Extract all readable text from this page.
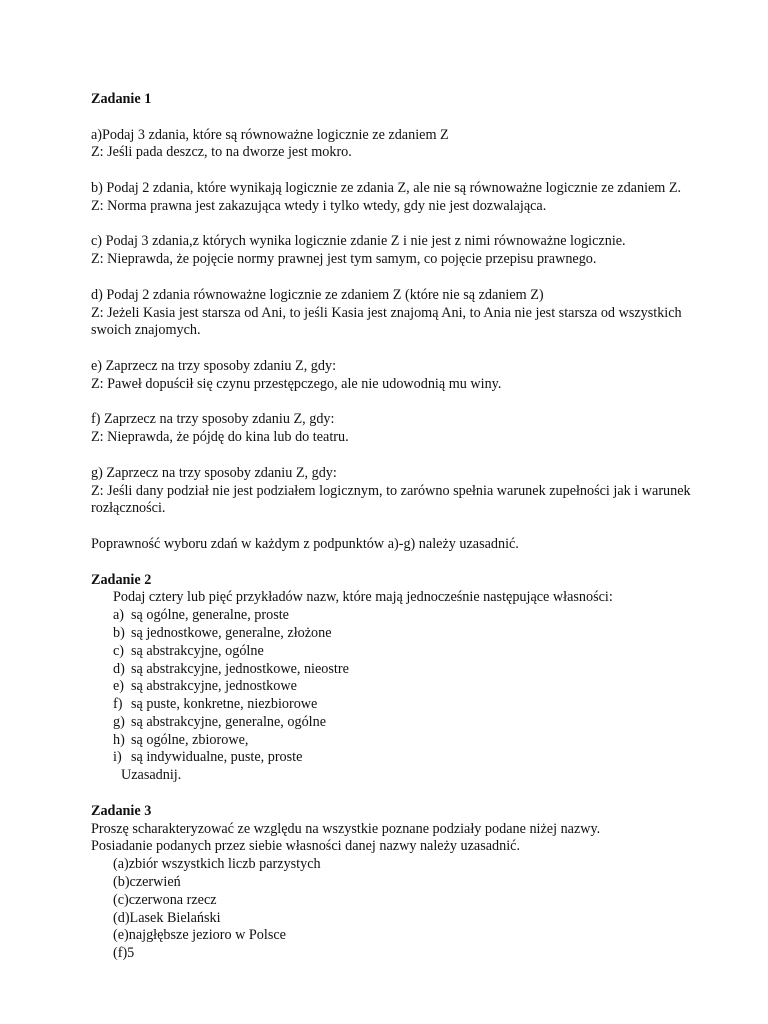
Zadanie 1

a)Podaj 3 zdania, które są równoważne logicznie ze zdaniem Z

Z: Jeśli pada deszcz, to na dworze jest mokro.

b) Podaj 2 zdania, które wynikają logicznie ze zdania Z, ale nie są równoważne logicznie ze zdaniem Z.

Z: Norma prawna jest zakazująca wtedy i tylko wtedy, gdy nie jest dozwalająca.

c) Podaj 3 zdania,z których wynika logicznie zdanie Z i nie jest z nimi równoważne logicznie.

Z: Nieprawda, że pojęcie normy prawnej jest tym samym, co pojęcie przepisu prawnego.

d) Podaj 2 zdania równoważne logicznie ze zdaniem Z (które nie są zdaniem Z)

Z: Jeżeli Kasia jest starsza od Ani, to jeśli Kasia jest znajomą Ani, to Ania nie jest starsza od wszystkich swoich znajomych.

e) Zaprzecz na trzy sposoby zdaniu Z, gdy:

Z: Paweł dopuścił się czynu przestępczego, ale nie udowodnią mu winy.

f) Zaprzecz na trzy sposoby zdaniu Z, gdy:

Z: Nieprawda, że pójdę do kina lub do teatru.

g) Zaprzecz na trzy sposoby zdaniu Z, gdy:

Z: Jeśli dany podział nie jest podziałem logicznym, to zarówno spełnia warunek zupełności jak i warunek rozłączności.

Poprawność wyboru zdań w każdym z podpunktów a)-g) należy uzasadnić.

Zadanie 2

Podaj cztery lub pięć przykładów nazw, które mają jednocześnie następujące własności:

a) są ogólne, generalne, proste
b) są jednostkowe, generalne, złożone
c) są abstrakcyjne, ogólne
d) są abstrakcyjne, jednostkowe, nieostre
e) są abstrakcyjne, jednostkowe
f) są puste, konkretne, niezbiorowe
g) są abstrakcyjne, generalne, ogólne
h) są ogólne, zbiorowe,
i) są indywidualne, puste, proste

Uzasadnij.

Zadanie 3

Proszę scharakteryzować ze względu na wszystkie poznane podziały podane niżej nazwy.

Posiadanie podanych przez siebie własności danej nazwy należy uzasadnić.

(a)zbiór wszystkich liczb parzystych
(b)czerwień
(c)czerwona rzecz
(d)Lasek Bielański
(e)najgłębsze jezioro w Polsce
(f)5
